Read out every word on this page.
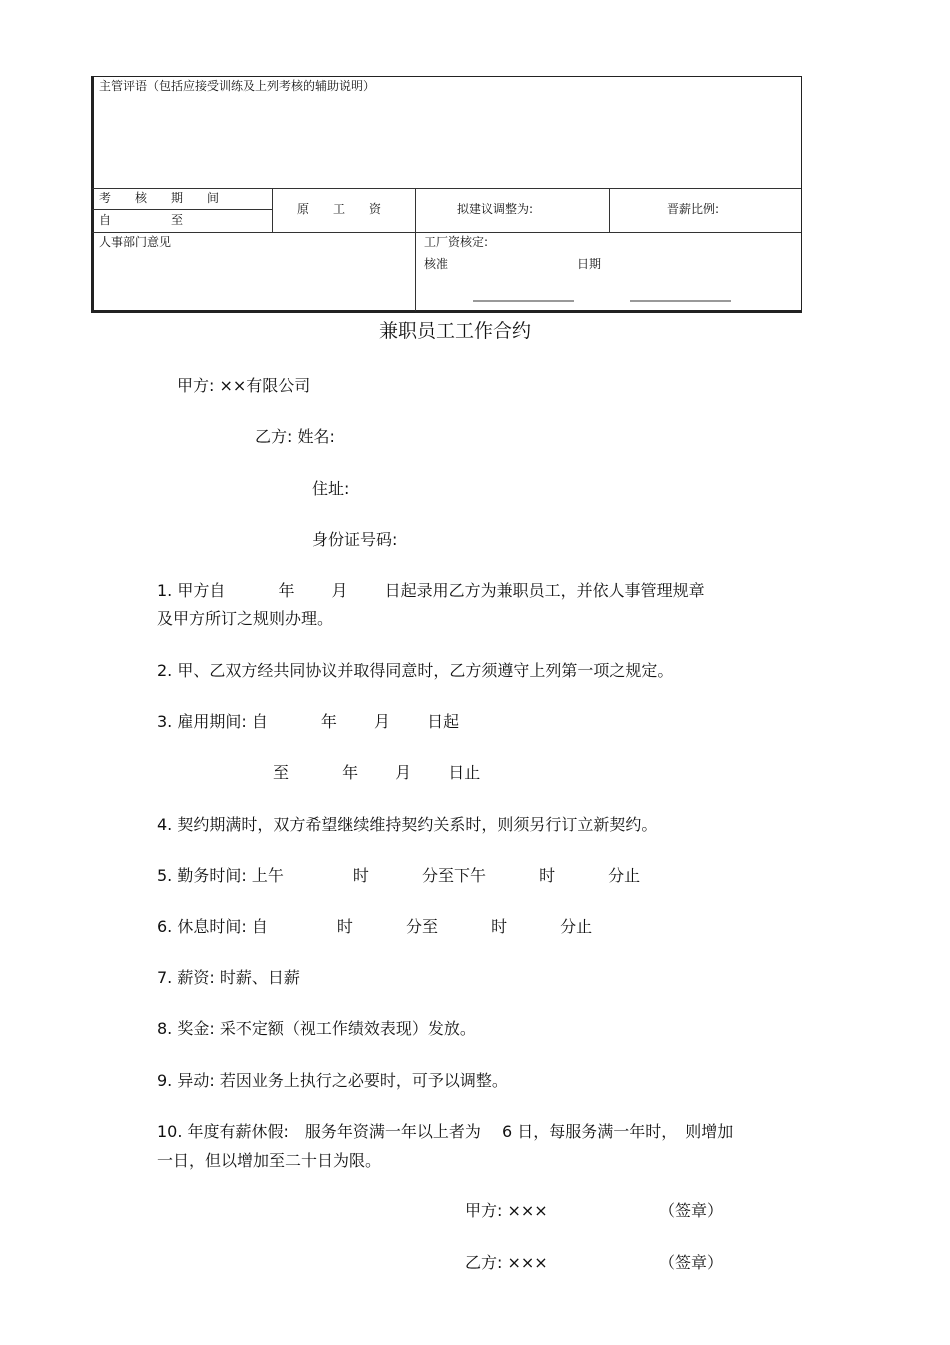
主管评语（包括应接受训练及上列考核的辅助说明）
考　　核　　期　　间
自　　　　　至
原　　工　　资	拟建议调整为:	晋薪比例:
人事部门意见	工厂资核定:
核准	日期
兼职员工工作合约
甲方: ××有限公司
乙方: 姓名:
住址:
身份证号码:
1. 甲方自　　　 年　　 月　　 日起录用乙方为兼职员工，并依人事管理规章
及甲方所订之规则办理。
2. 甲、乙双方经共同协议并取得同意时，乙方须遵守上列第一项之规定。
3. 雇用期间: 自　　　 年　　 月　　 日起
至　　　 年　　 月　　 日止
4. 契约期满时，双方希望继续维持契约关系时，则须另行订立新契约。
5. 勤务时间: 上午　　　　 时　　　 分至下午　　　 时　　　 分止
6. 休息时间: 自　　　　 时　　　 分至　　　 时　　　 分止
7. 薪资: 时薪、日薪
8. 奖金: 采不定额（视工作绩效表现）发放。
9. 异动: 若因业务上执行之必要时，可予以调整。
10. 年度有薪休假:　服务年资满一年以上者为　 6 日，每服务满一年时，　则增加
一日，但以增加至二十日为限。
甲方: ×××	（签章）
乙方: ×××	（签章）
